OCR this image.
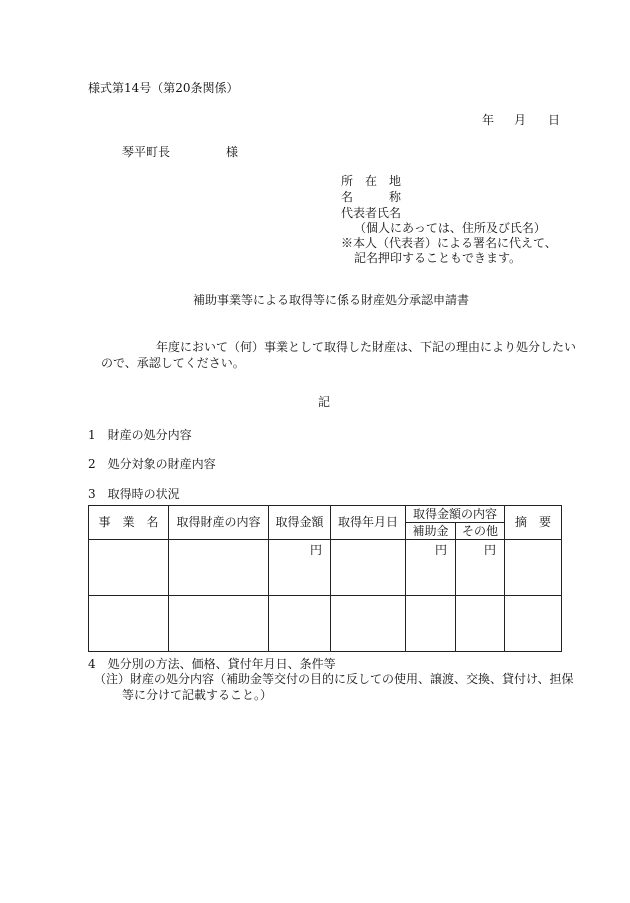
様式第14号（第20条関係）
年 月 日
琴平町長	様
所　在　地
名　　　称
代表者氏名
（個人にあっては、住所及び氏名）
※本人（代表者）による署名に代えて、
記名押印することもできます。
補助事業等による取得等に係る財産処分承認申請書
年度において（何）事業として取得した財産は、下記の理由により処分したい
ので、承認してください。
記
1　財産の処分内容
2　処分対象の財産内容
3　取得時の状況
事　業　名	取得財産の内容	取得金額	取得年月日	取得金額の内容		摘　要
				補助金	その他	
		円		円	円	

4　処分別の方法、価格、貸付年月日、条件等
（注）財産の処分内容（補助金等交付の目的に反しての使用、譲渡、交換、貸付け、担保
等に分けて記載すること。）
